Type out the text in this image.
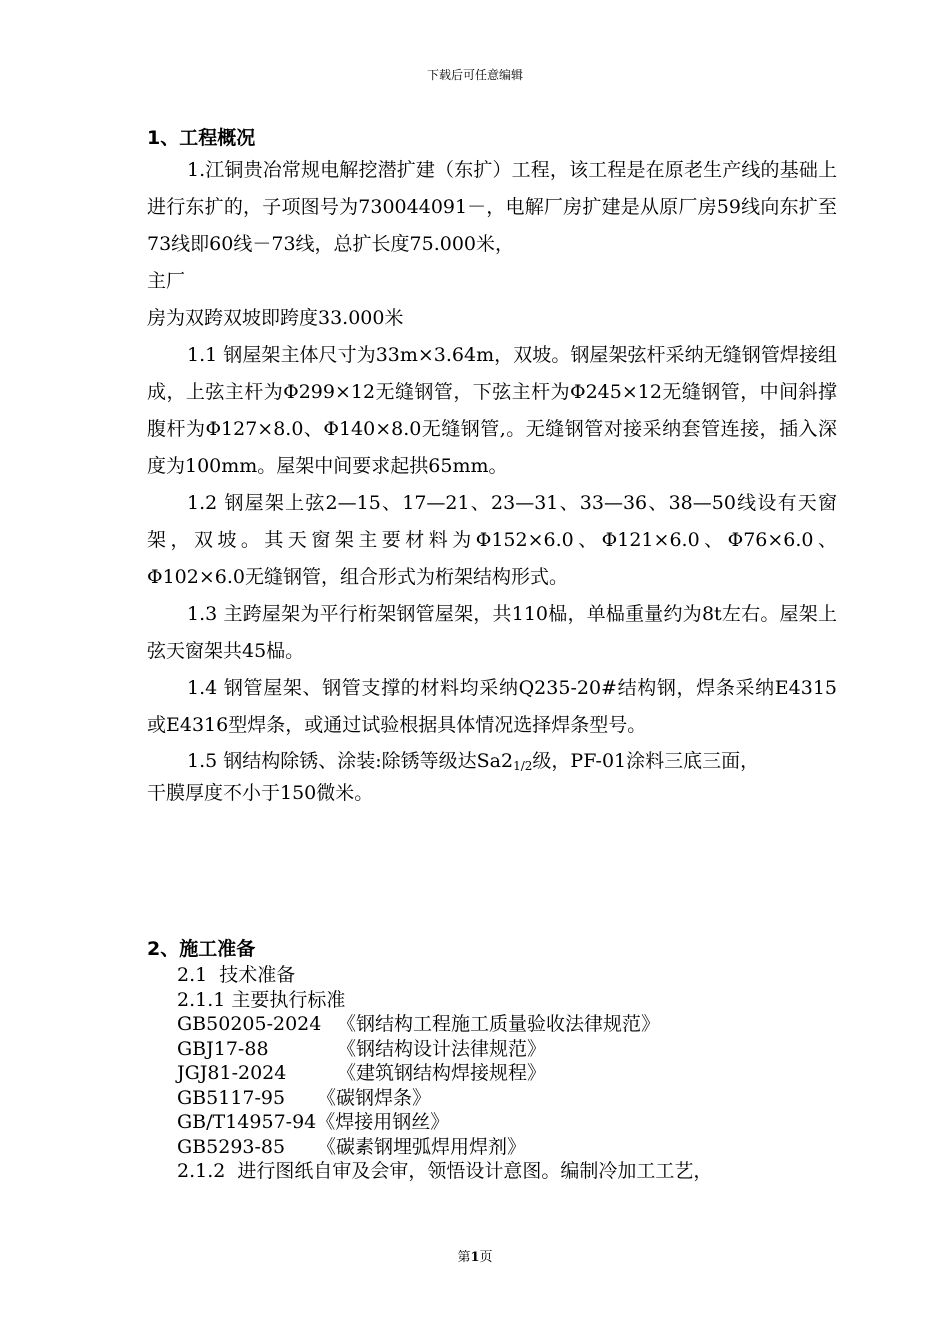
下载后可任意编辑

1、工程概况

1.江铜贵冶常规电解挖潜扩建（东扩）工程，该工程是在原老生产线的基础上进行东扩的，子项图号为730044091－，电解厂房扩建是从原厂房59线向东扩至73线即60线－73线，总扩长度75.000米，

主厂

房为双跨双坡即跨度33.000米

1.1 钢屋架主体尺寸为33m×3.64m，双坡。钢屋架弦杆采纳无缝钢管焊接组成，上弦主杆为Φ299×12无缝钢管，下弦主杆为Φ245×12无缝钢管，中间斜撑腹杆为Φ127×8.0、Φ140×8.0无缝钢管,。无缝钢管对接采纳套管连接，插入深度为100mm。屋架中间要求起拱65mm。

1.2 钢屋架上弦2—15、17—21、23—31、33—36、38—50线设有天窗架，双坡。其天窗架主要材料为Φ152×6.0、Φ121×6.0、Φ76×6.0、Φ102×6.0无缝钢管，组合形式为桁架结构形式。

1.3 主跨屋架为平行桁架钢管屋架，共110榀，单榀重量约为8t左右。屋架上弦天窗架共45榀。

1.4 钢管屋架、钢管支撑的材料均采纳Q235-20#结构钢，焊条采纳E4315或E4316型焊条，或通过试验根据具体情况选择焊条型号。

1.5 钢结构除锈、涂装:除锈等级达$Sa2_{1/2}$级，PF-01涂料三底三面，

干膜厚度不小于150微米。

2、施工准备

2.1  技术准备
2.1.1 主要执行标准
GB50205-2024 《钢结构工程施工质量验收法律规范》
GBJ17-88	《钢结构设计法律规范》
JGJ81-2024	《建筑钢结构焊接规程》
GB5117-95 《碳钢焊条》
GB/T14957-94《焊接用钢丝》
GB5293-85 《碳素钢埋弧焊用焊剂》
2.1.2  进行图纸自审及会审，领悟设计意图。编制冷加工工艺，
第1页
